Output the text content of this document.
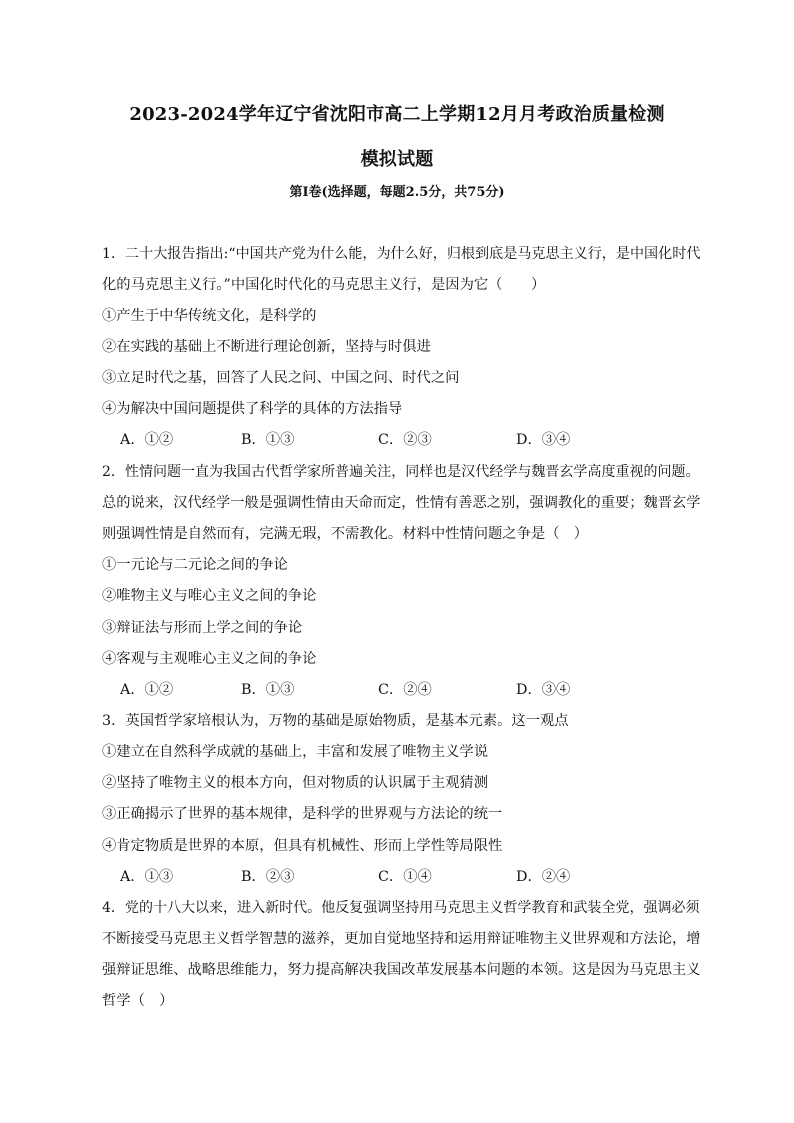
2023-2024学年辽宁省沈阳市高二上学期12月月考政治质量检测
模拟试题
第I卷(选择题，每题2.5分，共75分)
1．二十大报告指出:“中国共产党为什么能，为什么好，归根到底是马克思主义行，是中国化时代
化的马克思主义行。”中国化时代化的马克思主义行，是因为它（　　）
①产生于中华传统文化，是科学的
②在实践的基础上不断进行理论创新，坚持与时俱进
③立足时代之基，回答了人民之问、中国之问、时代之问
④为解决中国问题提供了科学的具体的方法指导
A．①②	B．①③	C．②③	D．③④
2．性情问题一直为我国古代哲学家所普遍关注，同样也是汉代经学与魏晋玄学高度重视的问题。
总的说来，汉代经学一般是强调性情由天命而定，性情有善恶之别，强调教化的重要；魏晋玄学
则强调性情是自然而有，完满无瑕，不需教化。材料中性情问题之争是（　）
①一元论与二元论之间的争论
②唯物主义与唯心主义之间的争论
③辩证法与形而上学之间的争论
④客观与主观唯心主义之间的争论
A．①②	B．①③	C．②④	D．③④
3．英国哲学家培根认为，万物的基础是原始物质，是基本元素。这一观点
①建立在自然科学成就的基础上，丰富和发展了唯物主义学说
②坚持了唯物主义的根本方向，但对物质的认识属于主观猜测
③正确揭示了世界的基本规律，是科学的世界观与方法论的统一
④肯定物质是世界的本原，但具有机械性、形而上学性等局限性
A．①③	B．②③	C．①④	D．②④
4．党的十八大以来，进入新时代。他反复强调坚持用马克思主义哲学教育和武装全党，强调必须
不断接受马克思主义哲学智慧的滋养，更加自觉地坚持和运用辩证唯物主义世界观和方法论，增
强辩证思维、战略思维能力，努力提高解决我国改革发展基本问题的本领。这是因为马克思主义
哲学（　）
